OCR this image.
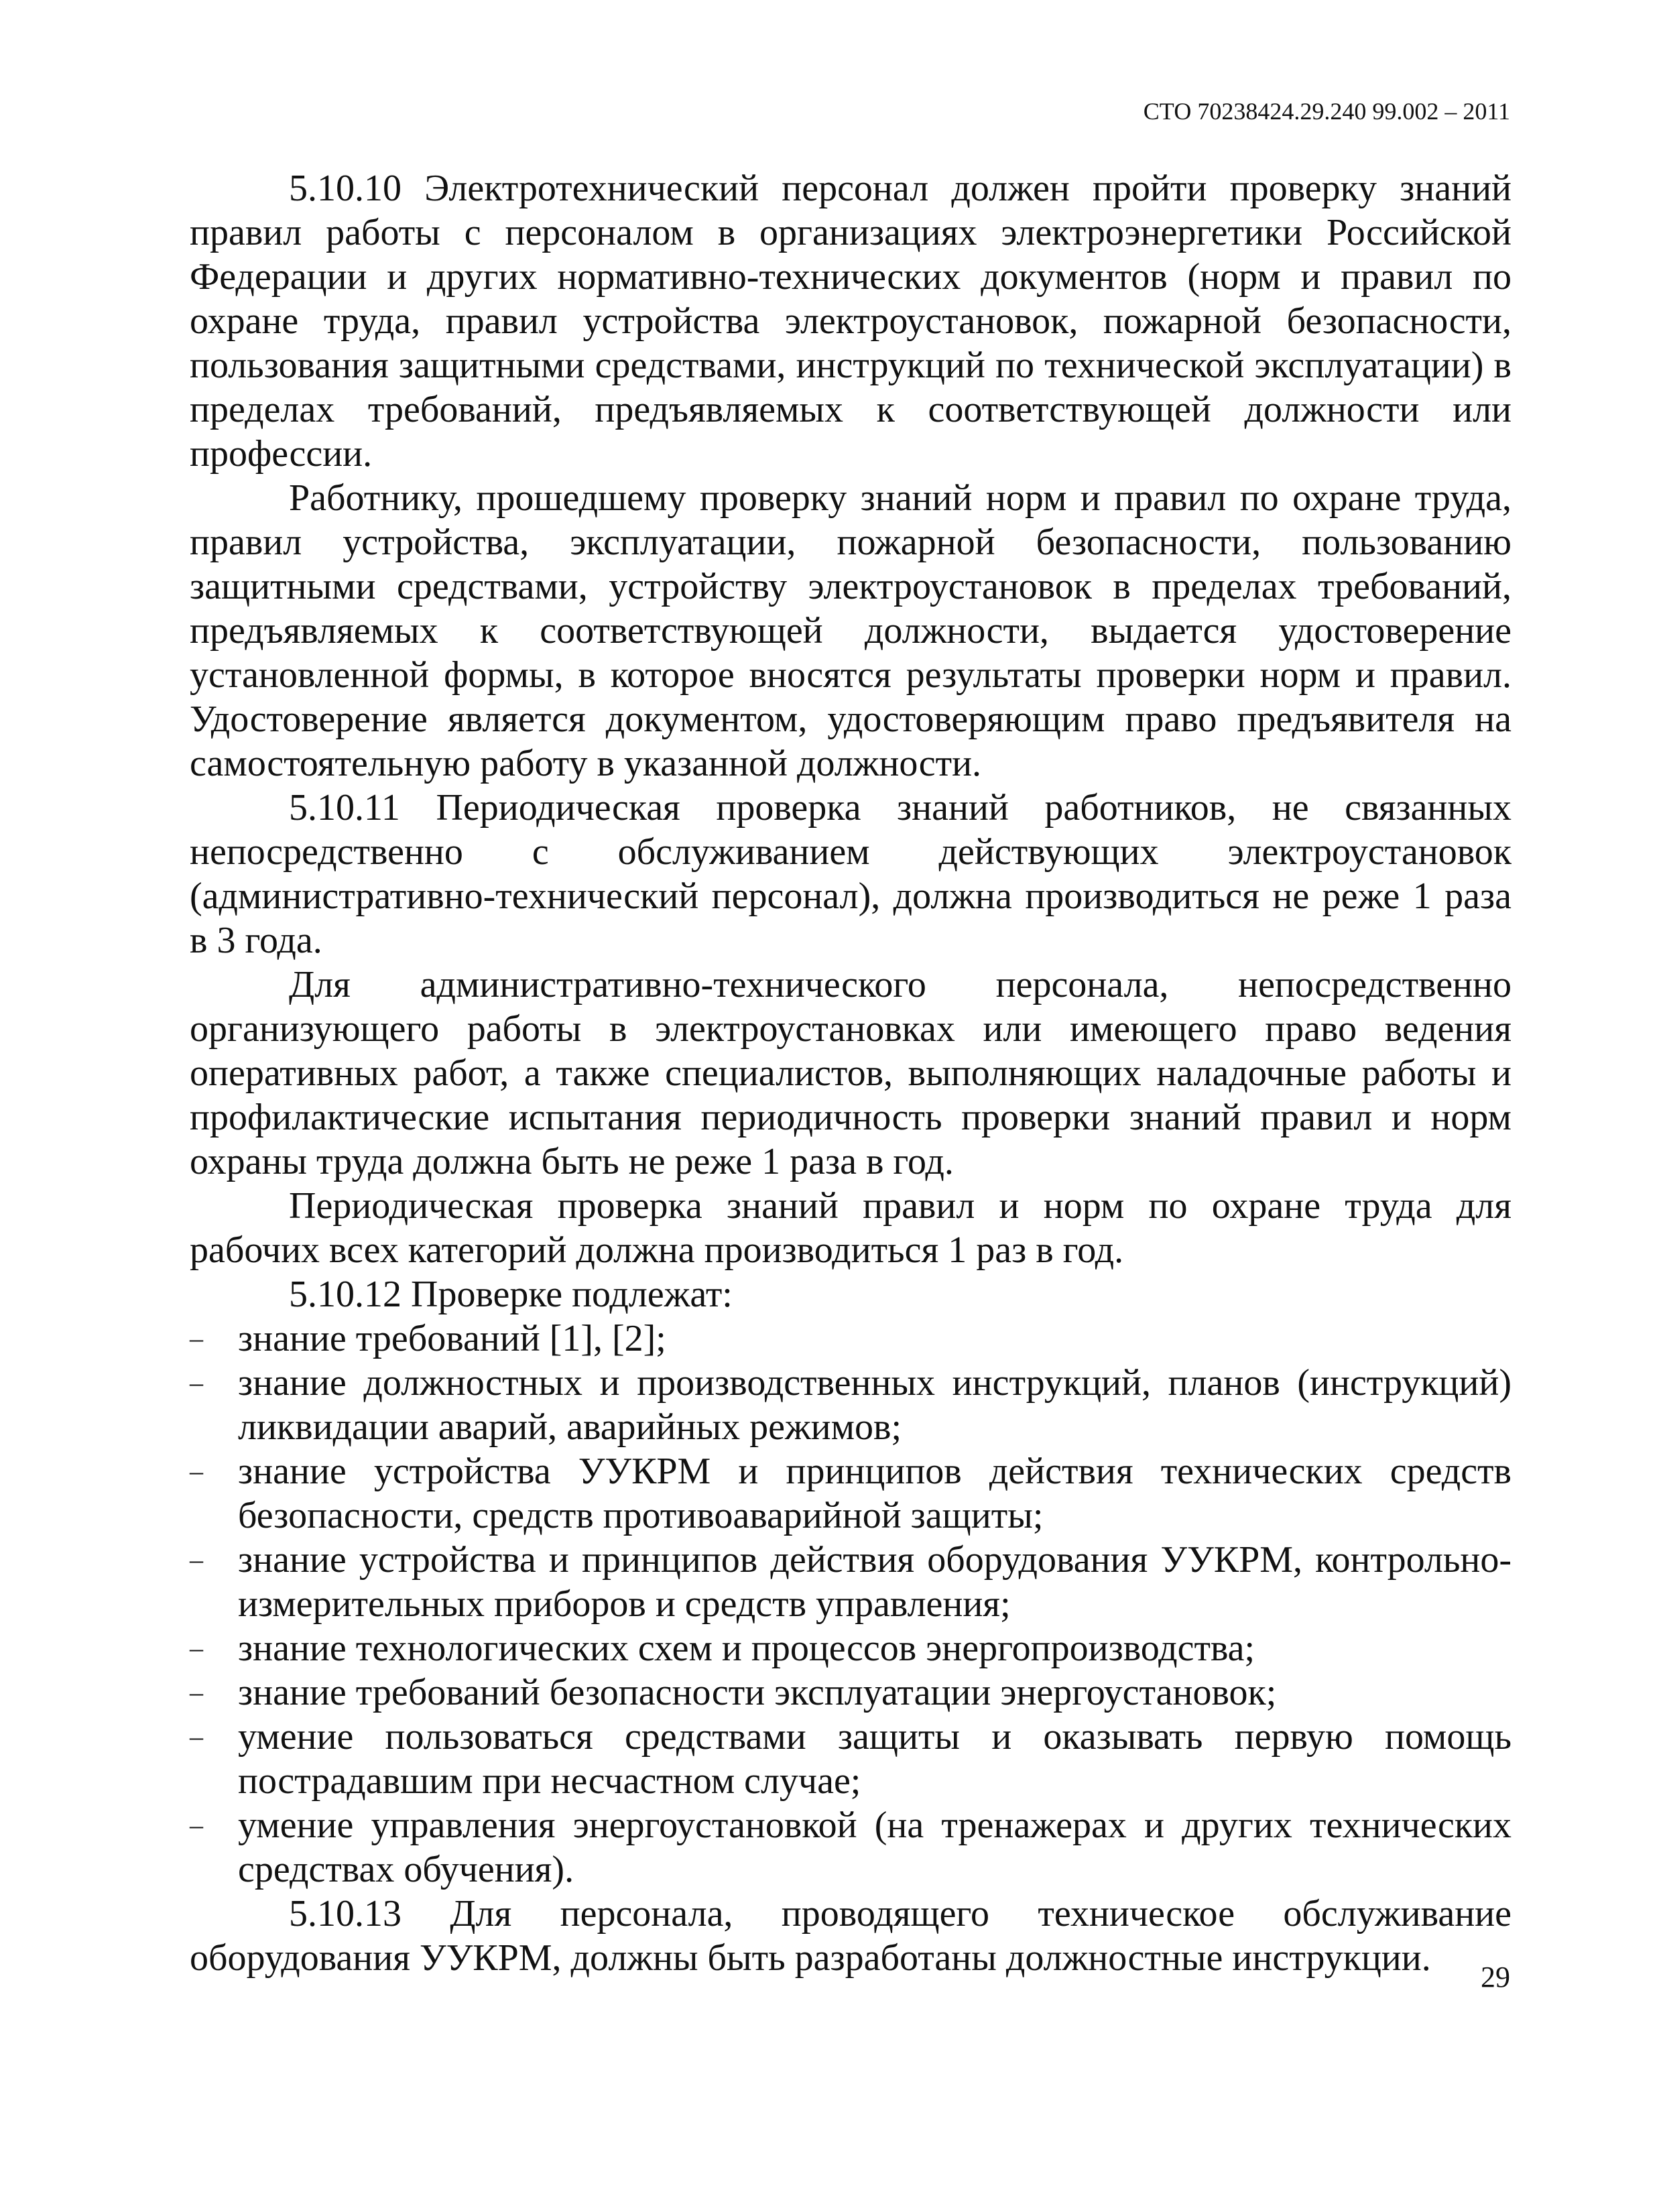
СТО 70238424.29.240 99.002 – 2011

5.10.10 Электротехнический персонал должен пройти проверку знаний правил работы с персоналом в организациях электроэнергетики Российской Федерации и других нормативно-технических документов (норм и правил по охране труда, правил устройства электроустановок, пожарной безопасности, пользования защитными средствами, инструкций по технической эксплуатации) в пределах требований, предъявляемых к соответствующей должности или профессии.

Работнику, прошедшему проверку знаний норм и правил по охране труда, правил устройства, эксплуатации, пожарной безопасности, пользованию защитными средствами, устройству электроустановок в пределах требований, предъявляемых к соответствующей должности, выдается удостоверение установленной формы, в которое вносятся результаты проверки норм и правил. Удостоверение является документом, удостоверяющим право предъявителя на самостоятельную работу в указанной должности.

5.10.11 Периодическая проверка знаний работников, не связанных непосредственно с обслуживанием действующих электроустановок (административно-технический персонал), должна производиться не реже 1 раза в 3 года.

Для административно-технического персонала, непосредственно организующего работы в электроустановках или имеющего право ведения оперативных работ, а также специалистов, выполняющих наладочные работы и профилактические испытания периодичность проверки знаний правил и норм охраны труда должна быть не реже 1 раза в год.

Периодическая проверка знаний правил и норм по охране труда для рабочих всех категорий должна производиться 1 раз в год.

5.10.12 Проверке подлежат:

– знание требований [1], [2];
– знание должностных и производственных инструкций, планов (инструкций) ликвидации аварий, аварийных режимов;
– знание устройства УУКРМ и принципов действия технических средств безопасности, средств противоаварийной защиты;
– знание устройства и принципов действия оборудования УУКРМ, контрольно-измерительных приборов и средств управления;
– знание технологических схем и процессов энергопроизводства;
– знание требований безопасности эксплуатации энергоустановок;
– умение пользоваться средствами защиты и оказывать первую помощь пострадавшим при несчастном случае;
– умение управления энергоустановкой (на тренажерах и других технических средствах обучения).

5.10.13 Для персонала, проводящего техническое обслуживание оборудования УУКРМ, должны быть разработаны должностные инструкции.	29
